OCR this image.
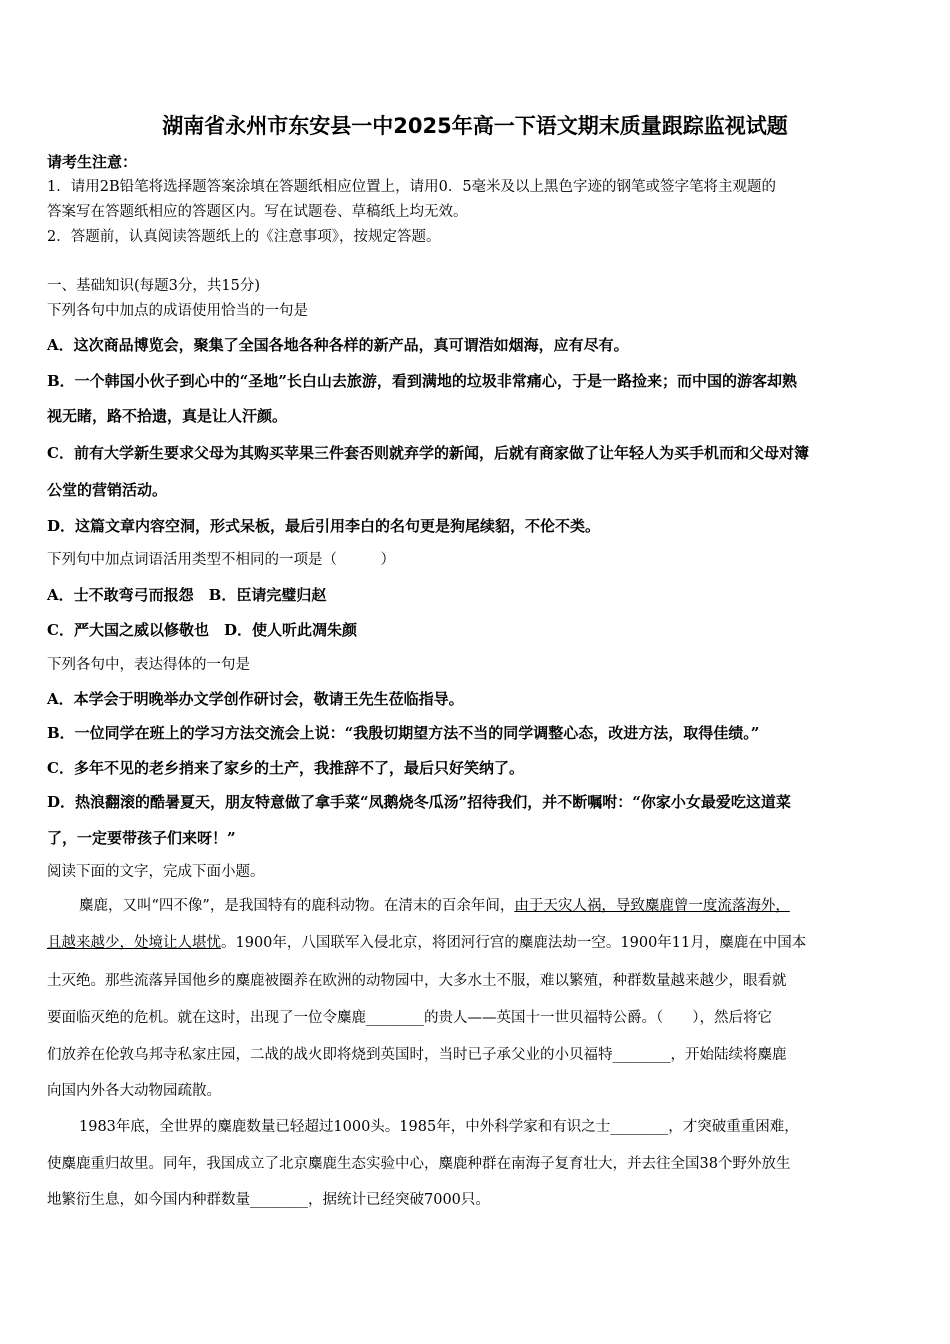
湖南省永州市东安县一中2025年高一下语文期末质量跟踪监视试题
请考生注意：
1．请用2B铅笔将选择题答案涂填在答题纸相应位置上，请用0．5毫米及以上黑色字迹的钢笔或签字笔将主观题的
答案写在答题纸相应的答题区内。写在试题卷、草稿纸上均无效。
2．答题前，认真阅读答题纸上的《注意事项》，按规定答题。
一、基础知识(每题3分，共15分)
下列各句中加点的成语使用恰当的一句是
A．这次商品博览会，聚集了全国各地各种各样的新产品，真可谓浩如烟海，应有尽有。
B．一个韩国小伙子到心中的“圣地”长白山去旅游，看到满地的垃圾非常痛心，于是一路捡来；而中国的游客却熟
视无睹，路不拾遗，真是让人汗颜。
C．前有大学新生要求父母为其购买苹果三件套否则就弃学的新闻，后就有商家做了让年轻人为买手机而和父母对簿
公堂的营销活动。
D．这篇文章内容空洞，形式呆板，最后引用李白的名句更是狗尾续貂，不伦不类。
下列句中加点词语活用类型不相同的一项是（　　　）
A．士不敢弯弓而报怨　B．臣请完璧归赵
C．严大国之威以修敬也　D．使人听此凋朱颜
下列各句中，表达得体的一句是
A．本学会于明晚举办文学创作研讨会，敬请王先生莅临指导。
B．一位同学在班上的学习方法交流会上说：“我殷切期望方法不当的同学调整心态，改进方法，取得佳绩。”
C．多年不见的老乡捎来了家乡的土产，我推辞不了，最后只好笑纳了。
D．热浪翻滚的酷暑夏天，朋友特意做了拿手菜“凤鹅烧冬瓜汤”招待我们，并不断嘱咐：“你家小女最爱吃这道菜
了，一定要带孩子们来呀！”
阅读下面的文字，完成下面小题。
麋鹿，又叫“四不像”，是我国特有的鹿科动物。在清末的百余年间，由于天灾人祸，导致麋鹿曾一度流落海外，
且越来越少，处境让人堪忧。1900年，八国联军入侵北京，将团河行宫的麋鹿法劫一空。1900年11月，麋鹿在中国本
土灭绝。那些流落异国他乡的麋鹿被圈养在欧洲的动物园中，大多水土不服，难以繁殖，种群数量越来越少，眼看就
要面临灭绝的危机。就在这时，出现了一位令麋鹿________的贵人——英国十一世贝福特公爵。（　　），然后将它
们放养在伦敦乌邦寺私家庄园，二战的战火即将烧到英国时，当时已子承父业的小贝福特________，开始陆续将麋鹿
向国内外各大动物园疏散。
1983年底，全世界的麋鹿数量已轻超过1000头。1985年，中外科学家和有识之士________，才突破重重困难，
使麋鹿重归故里。同年，我国成立了北京麋鹿生态实验中心，麋鹿种群在南海子复育壮大，并去往全国38个野外放生
地繁衍生息，如今国内种群数量________，据统计已经突破7000只。
